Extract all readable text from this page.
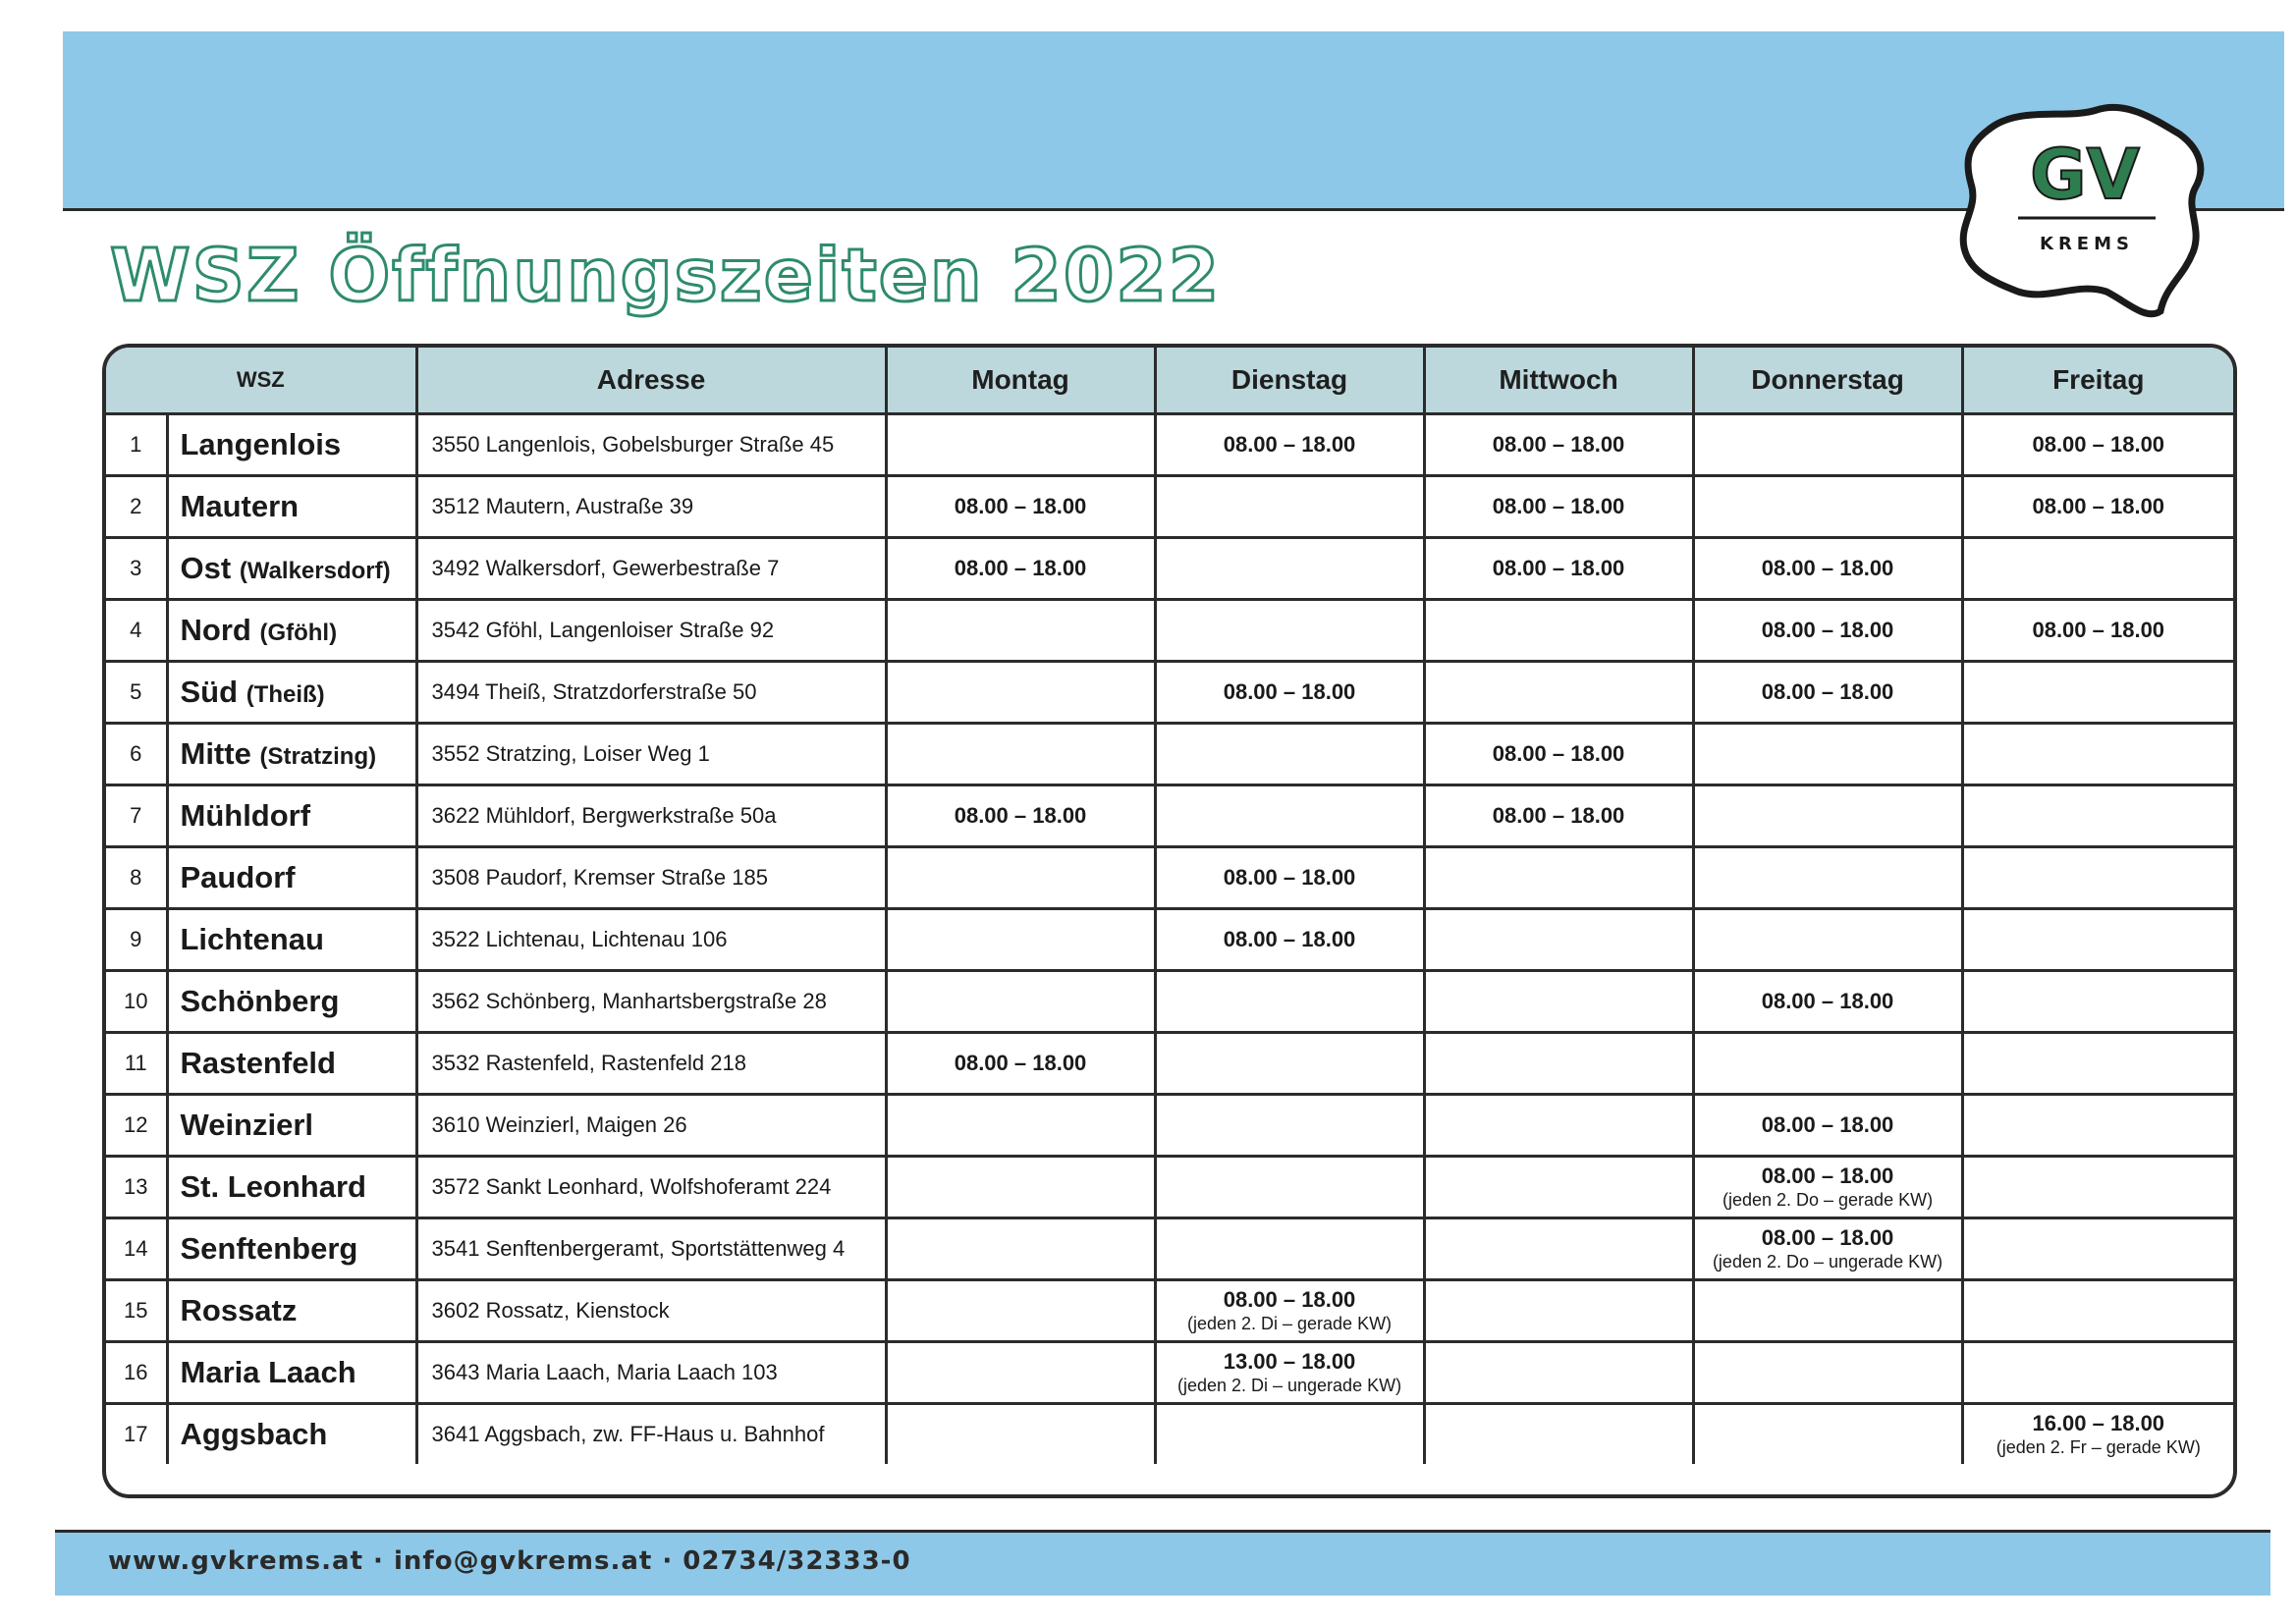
GV
KREMS
WSZ Öffnungszeiten 2022
WSZ		Adresse	Montag	Dienstag	Mittwoch	Donnerstag	Freitag
1	Langenlois	3550 Langenlois, Gobelsburger Straße 45		08.00 – 18.00	08.00 – 18.00		08.00 – 18.00

2	Mautern	3512 Mautern, Austraße 39	08.00 – 18.00		08.00 – 18.00		08.00 – 18.00

3	Ost (Walkersdorf)	3492 Walkersdorf, Gewerbestraße 7	08.00 – 18.00		08.00 – 18.00	08.00 – 18.00	

4	Nord (Gföhl)	3542 Gföhl, Langenloiser Straße 92				08.00 – 18.00	08.00 – 18.00

5	Süd (Theiß)	3494 Theiß, Stratzdorferstraße 50		08.00 – 18.00		08.00 – 18.00	

6	Mitte (Stratzing)	3552 Stratzing, Loiser Weg 1			08.00 – 18.00		

7	Mühldorf	3622 Mühldorf, Bergwerkstraße 50a	08.00 – 18.00		08.00 – 18.00		

8	Paudorf	3508 Paudorf, Kremser Straße 185		08.00 – 18.00			

9	Lichtenau	3522 Lichtenau, Lichtenau 106		08.00 – 18.00			

10	Schönberg	3562 Schönberg, Manhartsbergstraße 28				08.00 – 18.00	

11	Rastenfeld	3532 Rastenfeld, Rastenfeld 218	08.00 – 18.00				

12	Weinzierl	3610 Weinzierl, Maigen 26				08.00 – 18.00	

13	St. Leonhard	3572 Sankt Leonhard, Wolfshoferamt 224				08.00 – 18.00
(jeden 2. Do – gerade KW)	

14	Senftenberg	3541 Senftenbergeramt, Sportstättenweg 4				08.00 – 18.00
(jeden 2. Do – ungerade KW)	

15	Rossatz	3602 Rossatz, Kienstock		08.00 – 18.00
(jeden 2. Di – gerade KW)			

16	Maria Laach	3643 Maria Laach, Maria Laach 103		13.00 – 18.00
(jeden 2. Di – ungerade KW)			

17	Aggsbach	3641 Aggsbach, zw. FF-Haus u. Bahnhof					16.00 – 18.00
(jeden 2. Fr – gerade KW)
www.gvkrems.at · info@gvkrems.at · 02734/32333-0
